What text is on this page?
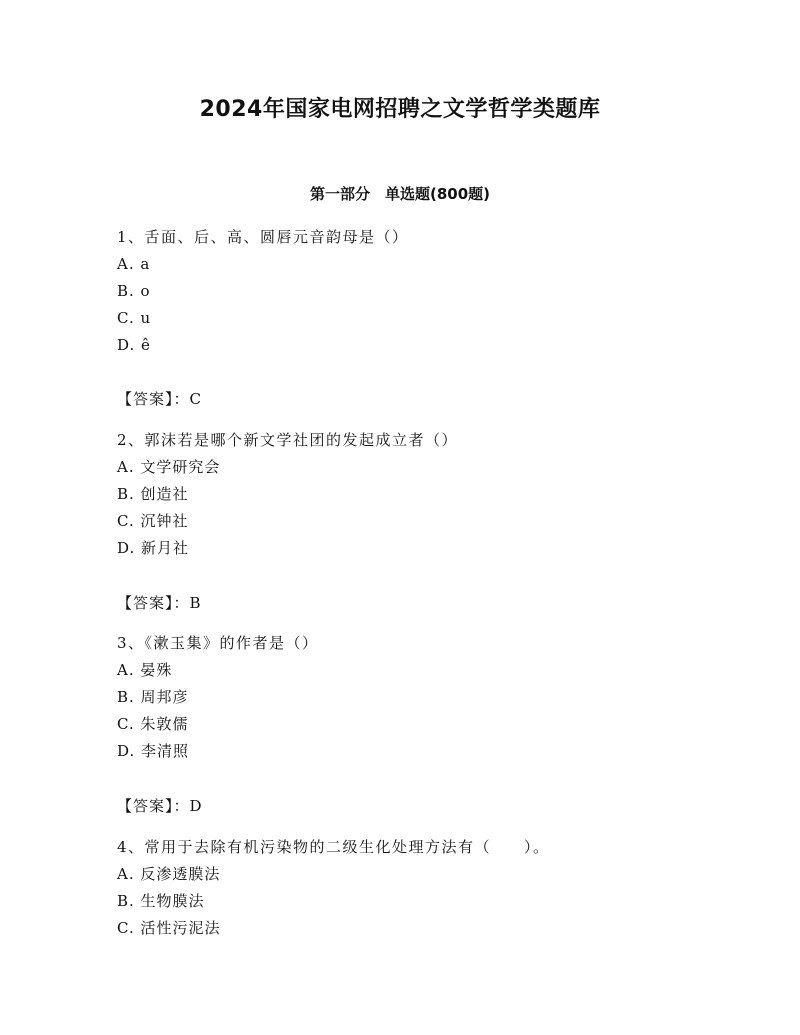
2024年国家电网招聘之文学哲学类题库
第一部分　单选题(800题)
1、舌面、后、高、圆唇元音韵母是（）
A. a
B. o
C. u
D. ê
【答案】：C
2、郭沫若是哪个新文学社团的发起成立者（）
A. 文学研究会
B. 创造社
C. 沉钟社
D. 新月社
【答案】：B
3、《漱玉集》的作者是（）
A. 晏殊
B. 周邦彦
C. 朱敦儒
D. 李清照
【答案】：D
4、常用于去除有机污染物的二级生化处理方法有（　　）。
A. 反渗透膜法
B. 生物膜法
C. 活性污泥法
